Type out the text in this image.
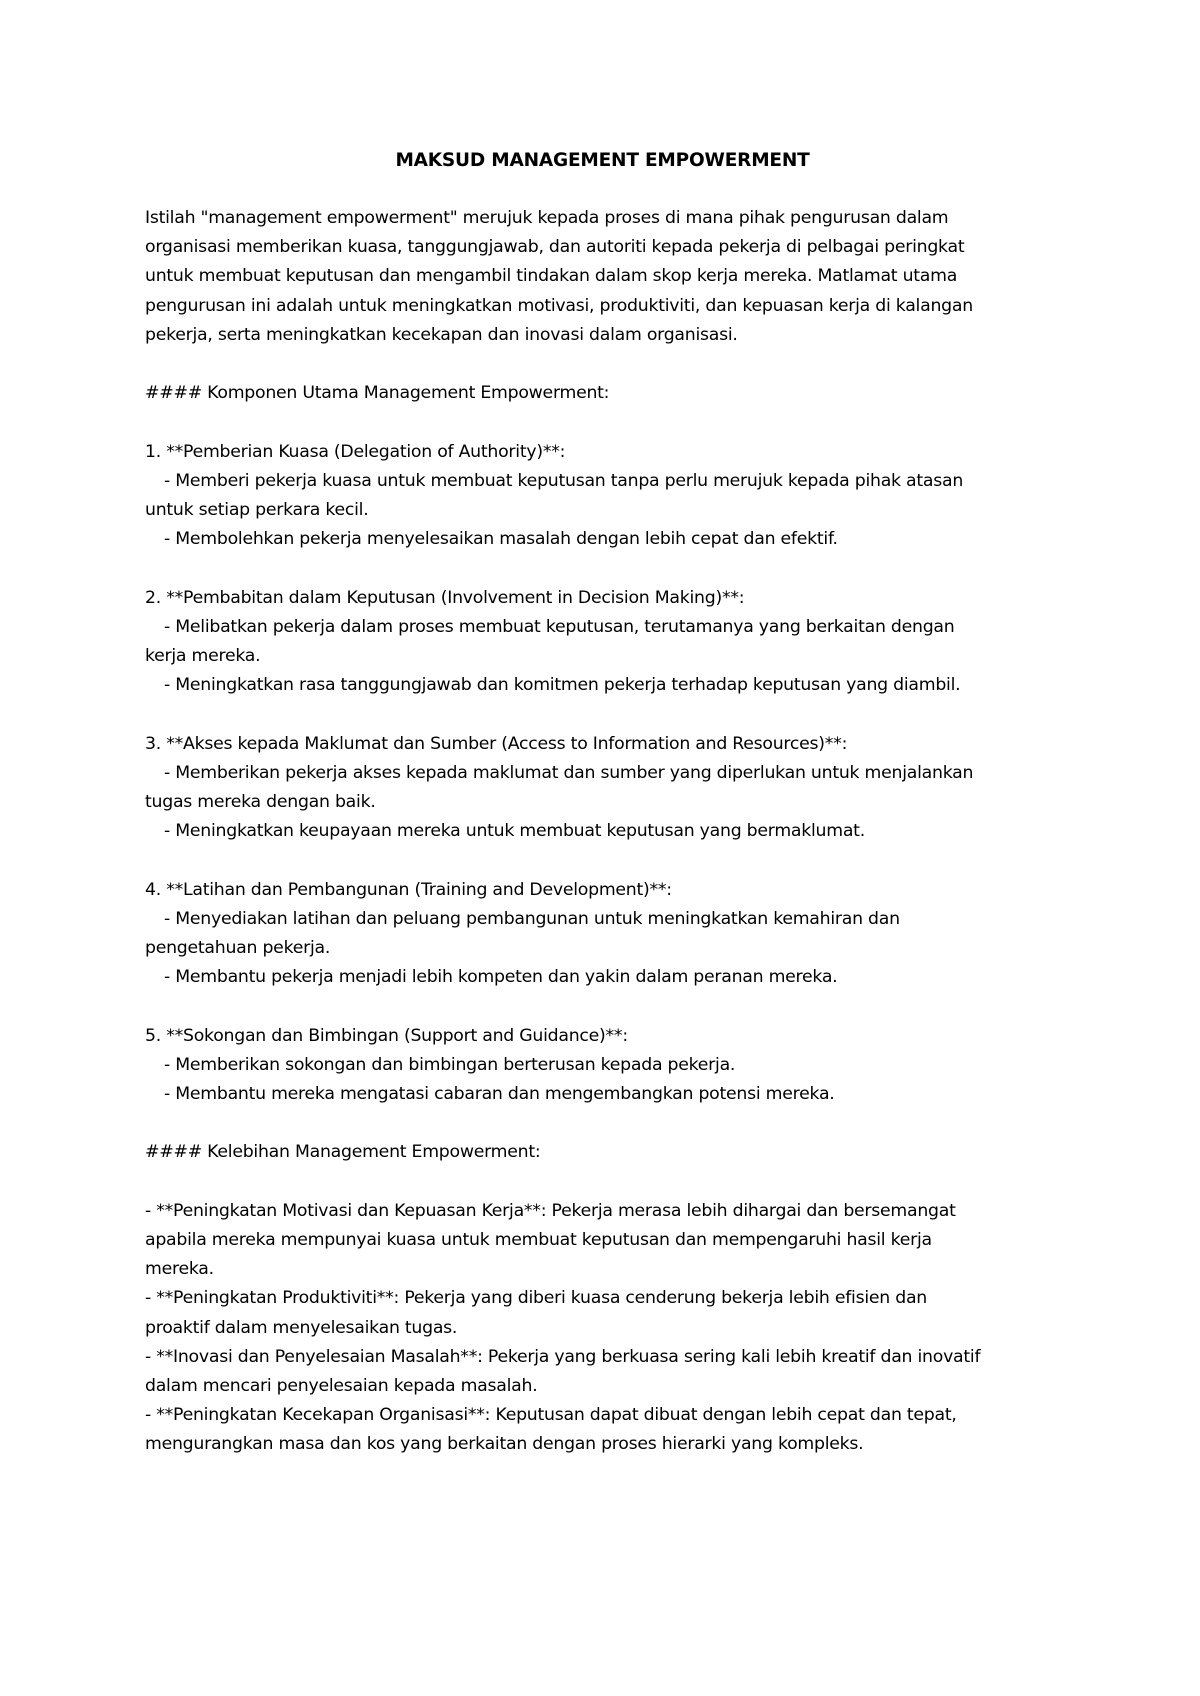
MAKSUD MANAGEMENT EMPOWERMENT
Istilah "management empowerment" merujuk kepada proses di mana pihak pengurusan dalam
organisasi memberikan kuasa, tanggungjawab, dan autoriti kepada pekerja di pelbagai peringkat
untuk membuat keputusan dan mengambil tindakan dalam skop kerja mereka. Matlamat utama
pengurusan ini adalah untuk meningkatkan motivasi, produktiviti, dan kepuasan kerja di kalangan
pekerja, serta meningkatkan kecekapan dan inovasi dalam organisasi.
#### Komponen Utama Management Empowerment:
1. **Pemberian Kuasa (Delegation of Authority)**:
- Memberi pekerja kuasa untuk membuat keputusan tanpa perlu merujuk kepada pihak atasan
untuk setiap perkara kecil.
- Membolehkan pekerja menyelesaikan masalah dengan lebih cepat dan efektif.
2. **Pembabitan dalam Keputusan (Involvement in Decision Making)**:
- Melibatkan pekerja dalam proses membuat keputusan, terutamanya yang berkaitan dengan
kerja mereka.
- Meningkatkan rasa tanggungjawab dan komitmen pekerja terhadap keputusan yang diambil.
3. **Akses kepada Maklumat dan Sumber (Access to Information and Resources)**:
- Memberikan pekerja akses kepada maklumat dan sumber yang diperlukan untuk menjalankan
tugas mereka dengan baik.
- Meningkatkan keupayaan mereka untuk membuat keputusan yang bermaklumat.
4. **Latihan dan Pembangunan (Training and Development)**:
- Menyediakan latihan dan peluang pembangunan untuk meningkatkan kemahiran dan
pengetahuan pekerja.
- Membantu pekerja menjadi lebih kompeten dan yakin dalam peranan mereka.
5. **Sokongan dan Bimbingan (Support and Guidance)**:
- Memberikan sokongan dan bimbingan berterusan kepada pekerja.
- Membantu mereka mengatasi cabaran dan mengembangkan potensi mereka.
#### Kelebihan Management Empowerment:
- **Peningkatan Motivasi dan Kepuasan Kerja**: Pekerja merasa lebih dihargai dan bersemangat
apabila mereka mempunyai kuasa untuk membuat keputusan dan mempengaruhi hasil kerja
mereka.
- **Peningkatan Produktiviti**: Pekerja yang diberi kuasa cenderung bekerja lebih efisien dan
proaktif dalam menyelesaikan tugas.
- **Inovasi dan Penyelesaian Masalah**: Pekerja yang berkuasa sering kali lebih kreatif dan inovatif
dalam mencari penyelesaian kepada masalah.
- **Peningkatan Kecekapan Organisasi**: Keputusan dapat dibuat dengan lebih cepat dan tepat,
mengurangkan masa dan kos yang berkaitan dengan proses hierarki yang kompleks.
